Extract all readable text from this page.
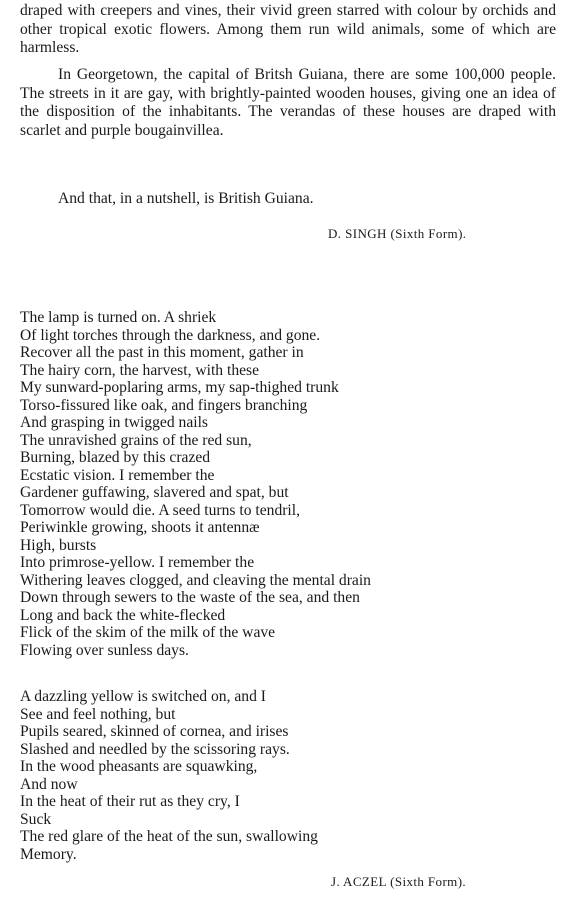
draped with creepers and vines, their vivid green starred with colour by orchids and other tropical exotic flowers. Among them run wild animals, some of which are harmless.

In Georgetown, the capital of Britsh Guiana, there are some 100,000 people. The streets in it are gay, with brightly-painted wooden houses, giving one an idea of the disposition of the inhabitants. The verandas of these houses are draped with scarlet and purple bougainvillea.

And that, in a nutshell, is British Guiana.

D. SINGH (Sixth Form).

The lamp is turned on. A shriek
Of light torches through the darkness, and gone.
Recover all the past in this moment, gather in
The hairy corn, the harvest, with these
My sunward-poplaring arms, my sap-thighed trunk
Torso-fissured like oak, and fingers branching
And grasping in twigged nails
The unravished grains of the red sun,
Burning, blazed by this crazed
Ecstatic vision. I remember the
Gardener guffawing, slavered and spat, but
Tomorrow would die. A seed turns to tendril,
Periwinkle growing, shoots it antennæ
High, bursts
Into primrose-yellow. I remember the
Withering leaves clogged, and cleaving the mental drain
Down through sewers to the waste of the sea, and then
Long and back the white-flecked
Flick of the skim of the milk of the wave
Flowing over sunless days.
A dazzling yellow is switched on, and I
See and feel nothing, but
Pupils seared, skinned of cornea, and irises
Slashed and needled by the scissoring rays.
In the wood pheasants are squawking,
And now
In the heat of their rut as they cry, I
Suck
The red glare of the heat of the sun, swallowing
Memory.

J. ACZEL (Sixth Form).
